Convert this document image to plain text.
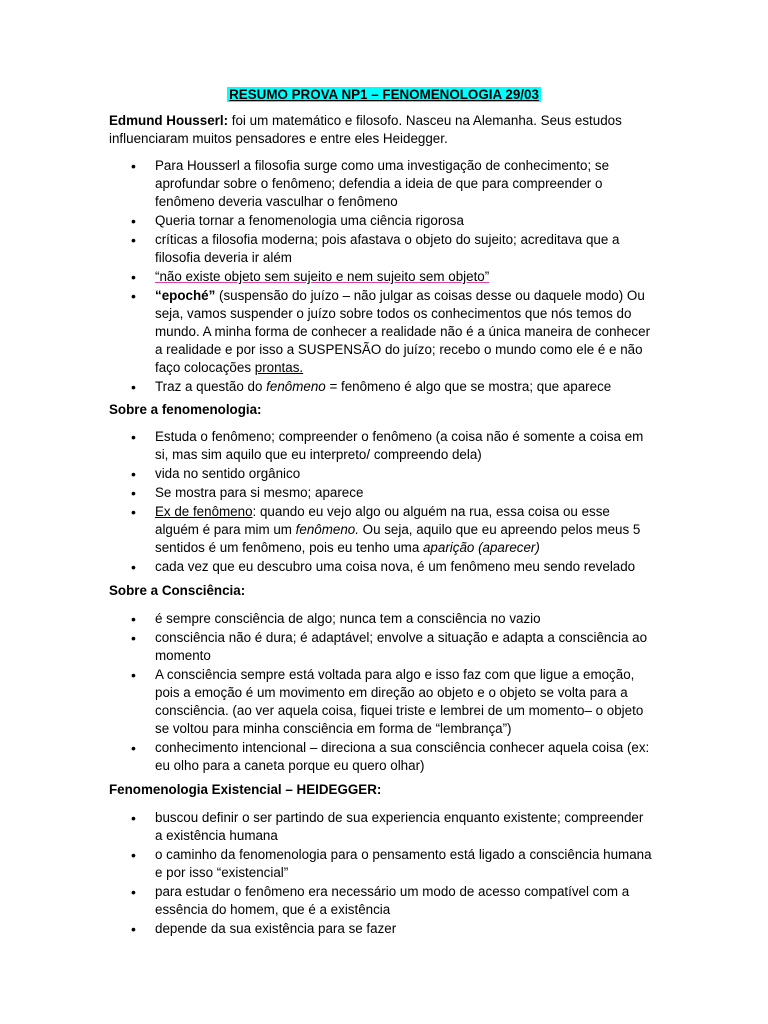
RESUMO PROVA NP1 – FENOMENOLOGIA 29/03
Edmund Housserl: foi um matemático e filosofo. Nasceu na Alemanha. Seus estudos influenciaram muitos pensadores e entre eles Heidegger.
• Para Housserl a filosofia surge como uma investigação de conhecimento; se aprofundar sobre o fenômeno; defendia a ideia de que para compreender o fenômeno deveria vasculhar o fenômeno
• Queria tornar a fenomenologia uma ciência rigorosa
• críticas a filosofia moderna; pois afastava o objeto do sujeito; acreditava que a filosofia deveria ir além
• “não existe objeto sem sujeito e nem sujeito sem objeto”
• “epoché” (suspensão do juízo – não julgar as coisas desse ou daquele modo) Ou seja, vamos suspender o juízo sobre todos os conhecimentos que nós temos do mundo. A minha forma de conhecer a realidade não é a única maneira de conhecer a realidade e por isso a SUSPENSÃO do juízo; recebo o mundo como ele é e não faço colocações prontas.
• Traz a questão do fenômeno = fenômeno é algo que se mostra; que aparece
Sobre a fenomenologia:
• Estuda o fenômeno; compreender o fenômeno (a coisa não é somente a coisa em si, mas sim aquilo que eu interpreto/ compreendo dela)
• vida no sentido orgânico
• Se mostra para si mesmo; aparece
• Ex de fenômeno: quando eu vejo algo ou alguém na rua, essa coisa ou esse alguém é para mim um fenômeno. Ou seja, aquilo que eu apreendo pelos meus 5 sentidos é um fenômeno, pois eu tenho uma aparição (aparecer)
• cada vez que eu descubro uma coisa nova, é um fenômeno meu sendo revelado
Sobre a Consciência:
• é sempre consciência de algo; nunca tem a consciência no vazio
• consciência não é dura; é adaptável; envolve a situação e adapta a consciência ao momento
• A consciência sempre está voltada para algo e isso faz com que ligue a emoção, pois a emoção é um movimento em direção ao objeto e o objeto se volta para a consciência. (ao ver aquela coisa, fiquei triste e lembrei de um momento– o objeto se voltou para minha consciência em forma de “lembrança”)
• conhecimento intencional – direciona a sua consciência conhecer aquela coisa (ex: eu olho para a caneta porque eu quero olhar)
Fenomenologia Existencial – HEIDEGGER:
• buscou definir o ser partindo de sua experiencia enquanto existente; compreender a existência humana
• o caminho da fenomenologia para o pensamento está ligado a consciência humana e por isso “existencial”
• para estudar o fenômeno era necessário um modo de acesso compatível com a essência do homem, que é a existência
• depende da sua existência para se fazer
